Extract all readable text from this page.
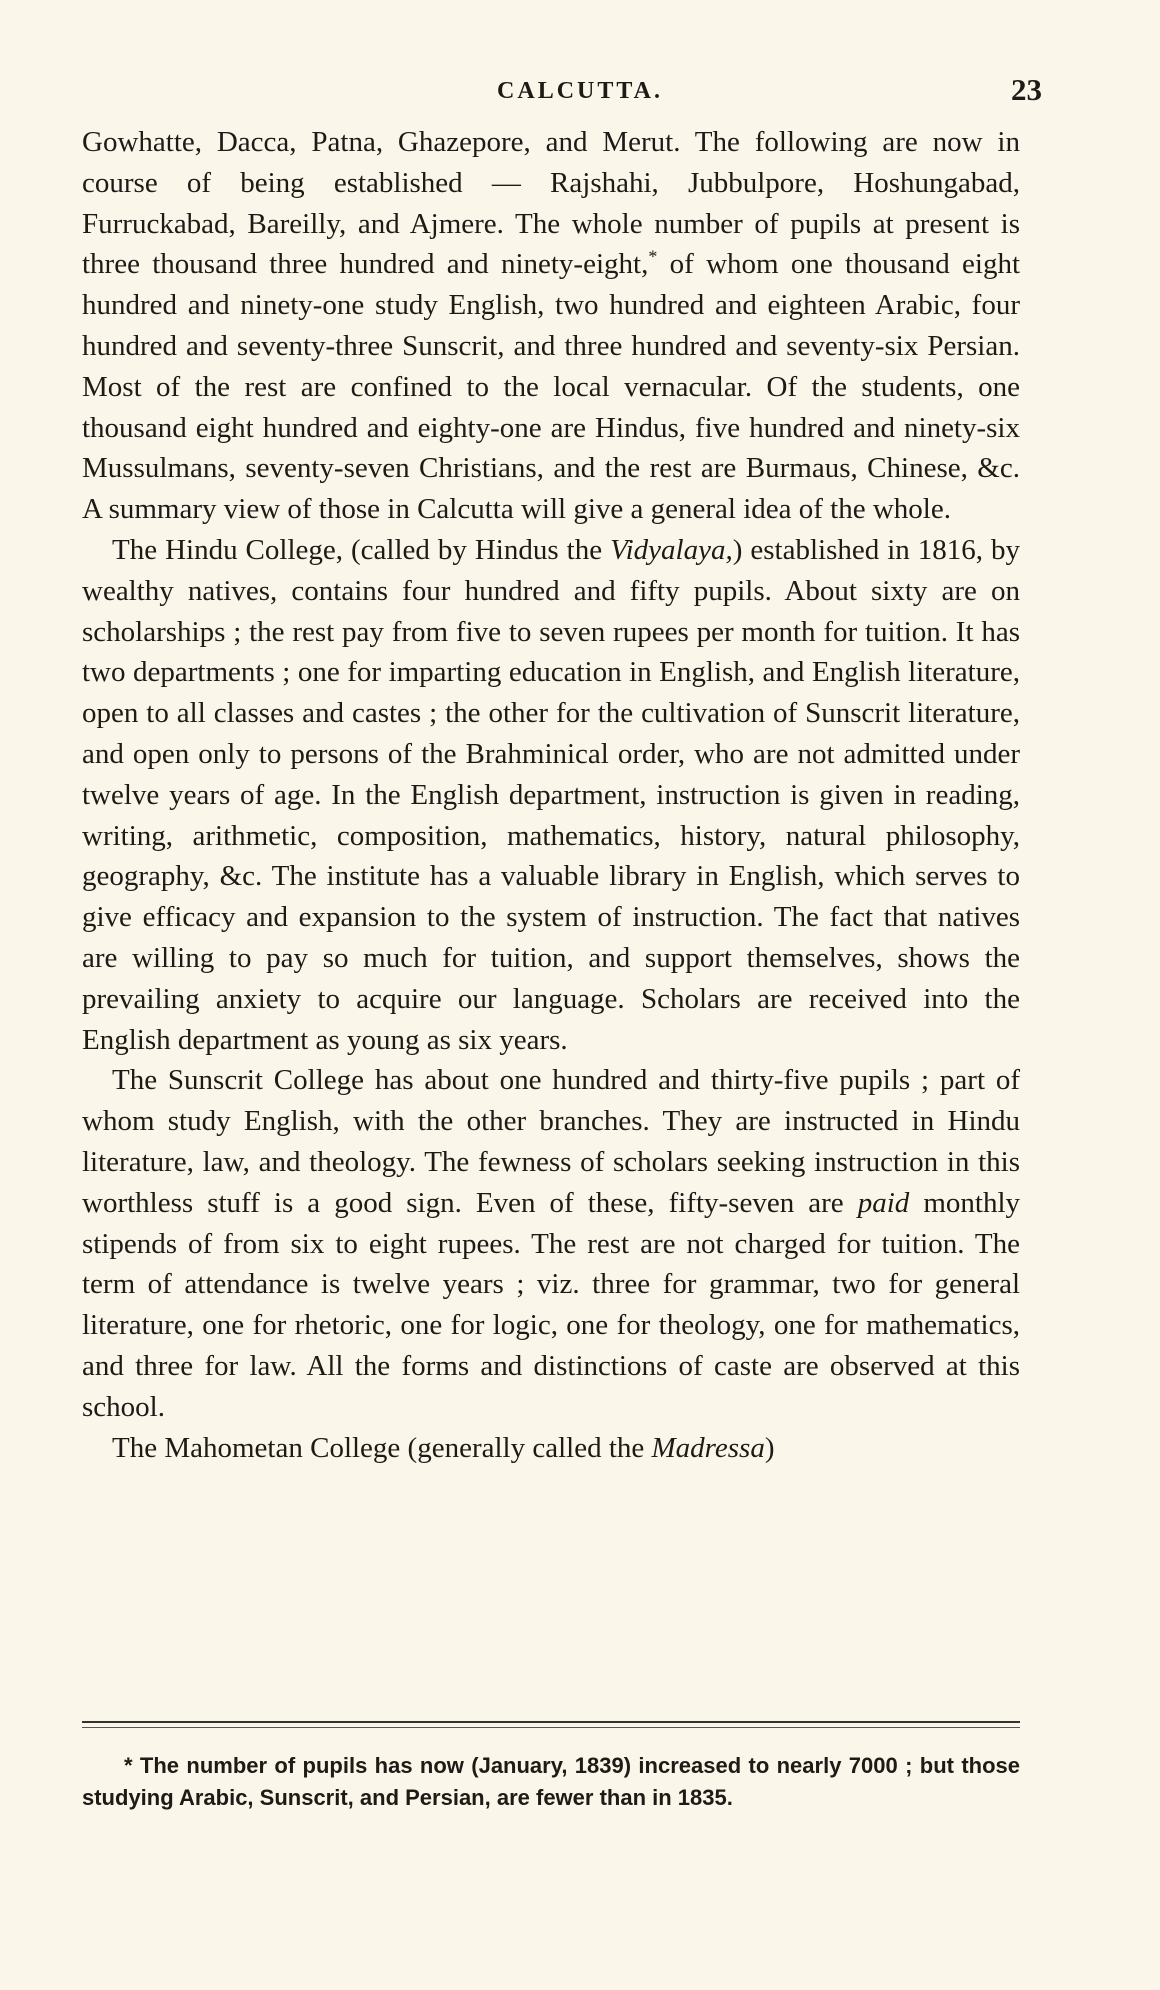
CALCUTTA.	23

Gowhatte, Dacca, Patna, Ghazepore, and Merut. The following are now in course of being established — Rajshahi, Jubbulpore, Hoshungabad, Furruckabad, Bareilly, and Ajmere. The whole number of pupils at present is three thousand three hundred and ninety-eight,* of whom one thousand eight hundred and ninety-one study English, two hundred and eighteen Arabic, four hundred and seventy-three Sunscrit, and three hundred and seventy-six Persian. Most of the rest are confined to the local vernacular. Of the students, one thousand eight hundred and eighty-one are Hindus, five hundred and ninety-six Mussulmans, seventy-seven Christians, and the rest are Burmaus, Chinese, &c. A summary view of those in Calcutta will give a general idea of the whole.

The Hindu College, (called by Hindus the Vidyalaya,) established in 1816, by wealthy natives, contains four hundred and fifty pupils. About sixty are on scholarships ; the rest pay from five to seven rupees per month for tuition. It has two departments ; one for imparting education in English, and English literature, open to all classes and castes ; the other for the cultivation of Sunscrit literature, and open only to persons of the Brahminical order, who are not admitted under twelve years of age. In the English department, instruction is given in reading, writing, arithmetic, composition, mathematics, history, natural philosophy, geography, &c. The institute has a valuable library in English, which serves to give efficacy and expansion to the system of instruction. The fact that natives are willing to pay so much for tuition, and support themselves, shows the prevailing anxiety to acquire our language. Scholars are received into the English department as young as six years.

The Sunscrit College has about one hundred and thirty-five pupils ; part of whom study English, with the other branches. They are instructed in Hindu literature, law, and theology. The fewness of scholars seeking instruction in this worthless stuff is a good sign. Even of these, fifty-seven are paid monthly stipends of from six to eight rupees. The rest are not charged for tuition. The term of attendance is twelve years ; viz. three for grammar, two for general literature, one for rhetoric, one for logic, one for theology, one for mathematics, and three for law. All the forms and distinctions of caste are observed at this school.

The Mahometan College (generally called the Madressa)

* The number of pupils has now (January, 1839) increased to nearly 7000 ; but those studying Arabic, Sunscrit, and Persian, are fewer than in 1835.
